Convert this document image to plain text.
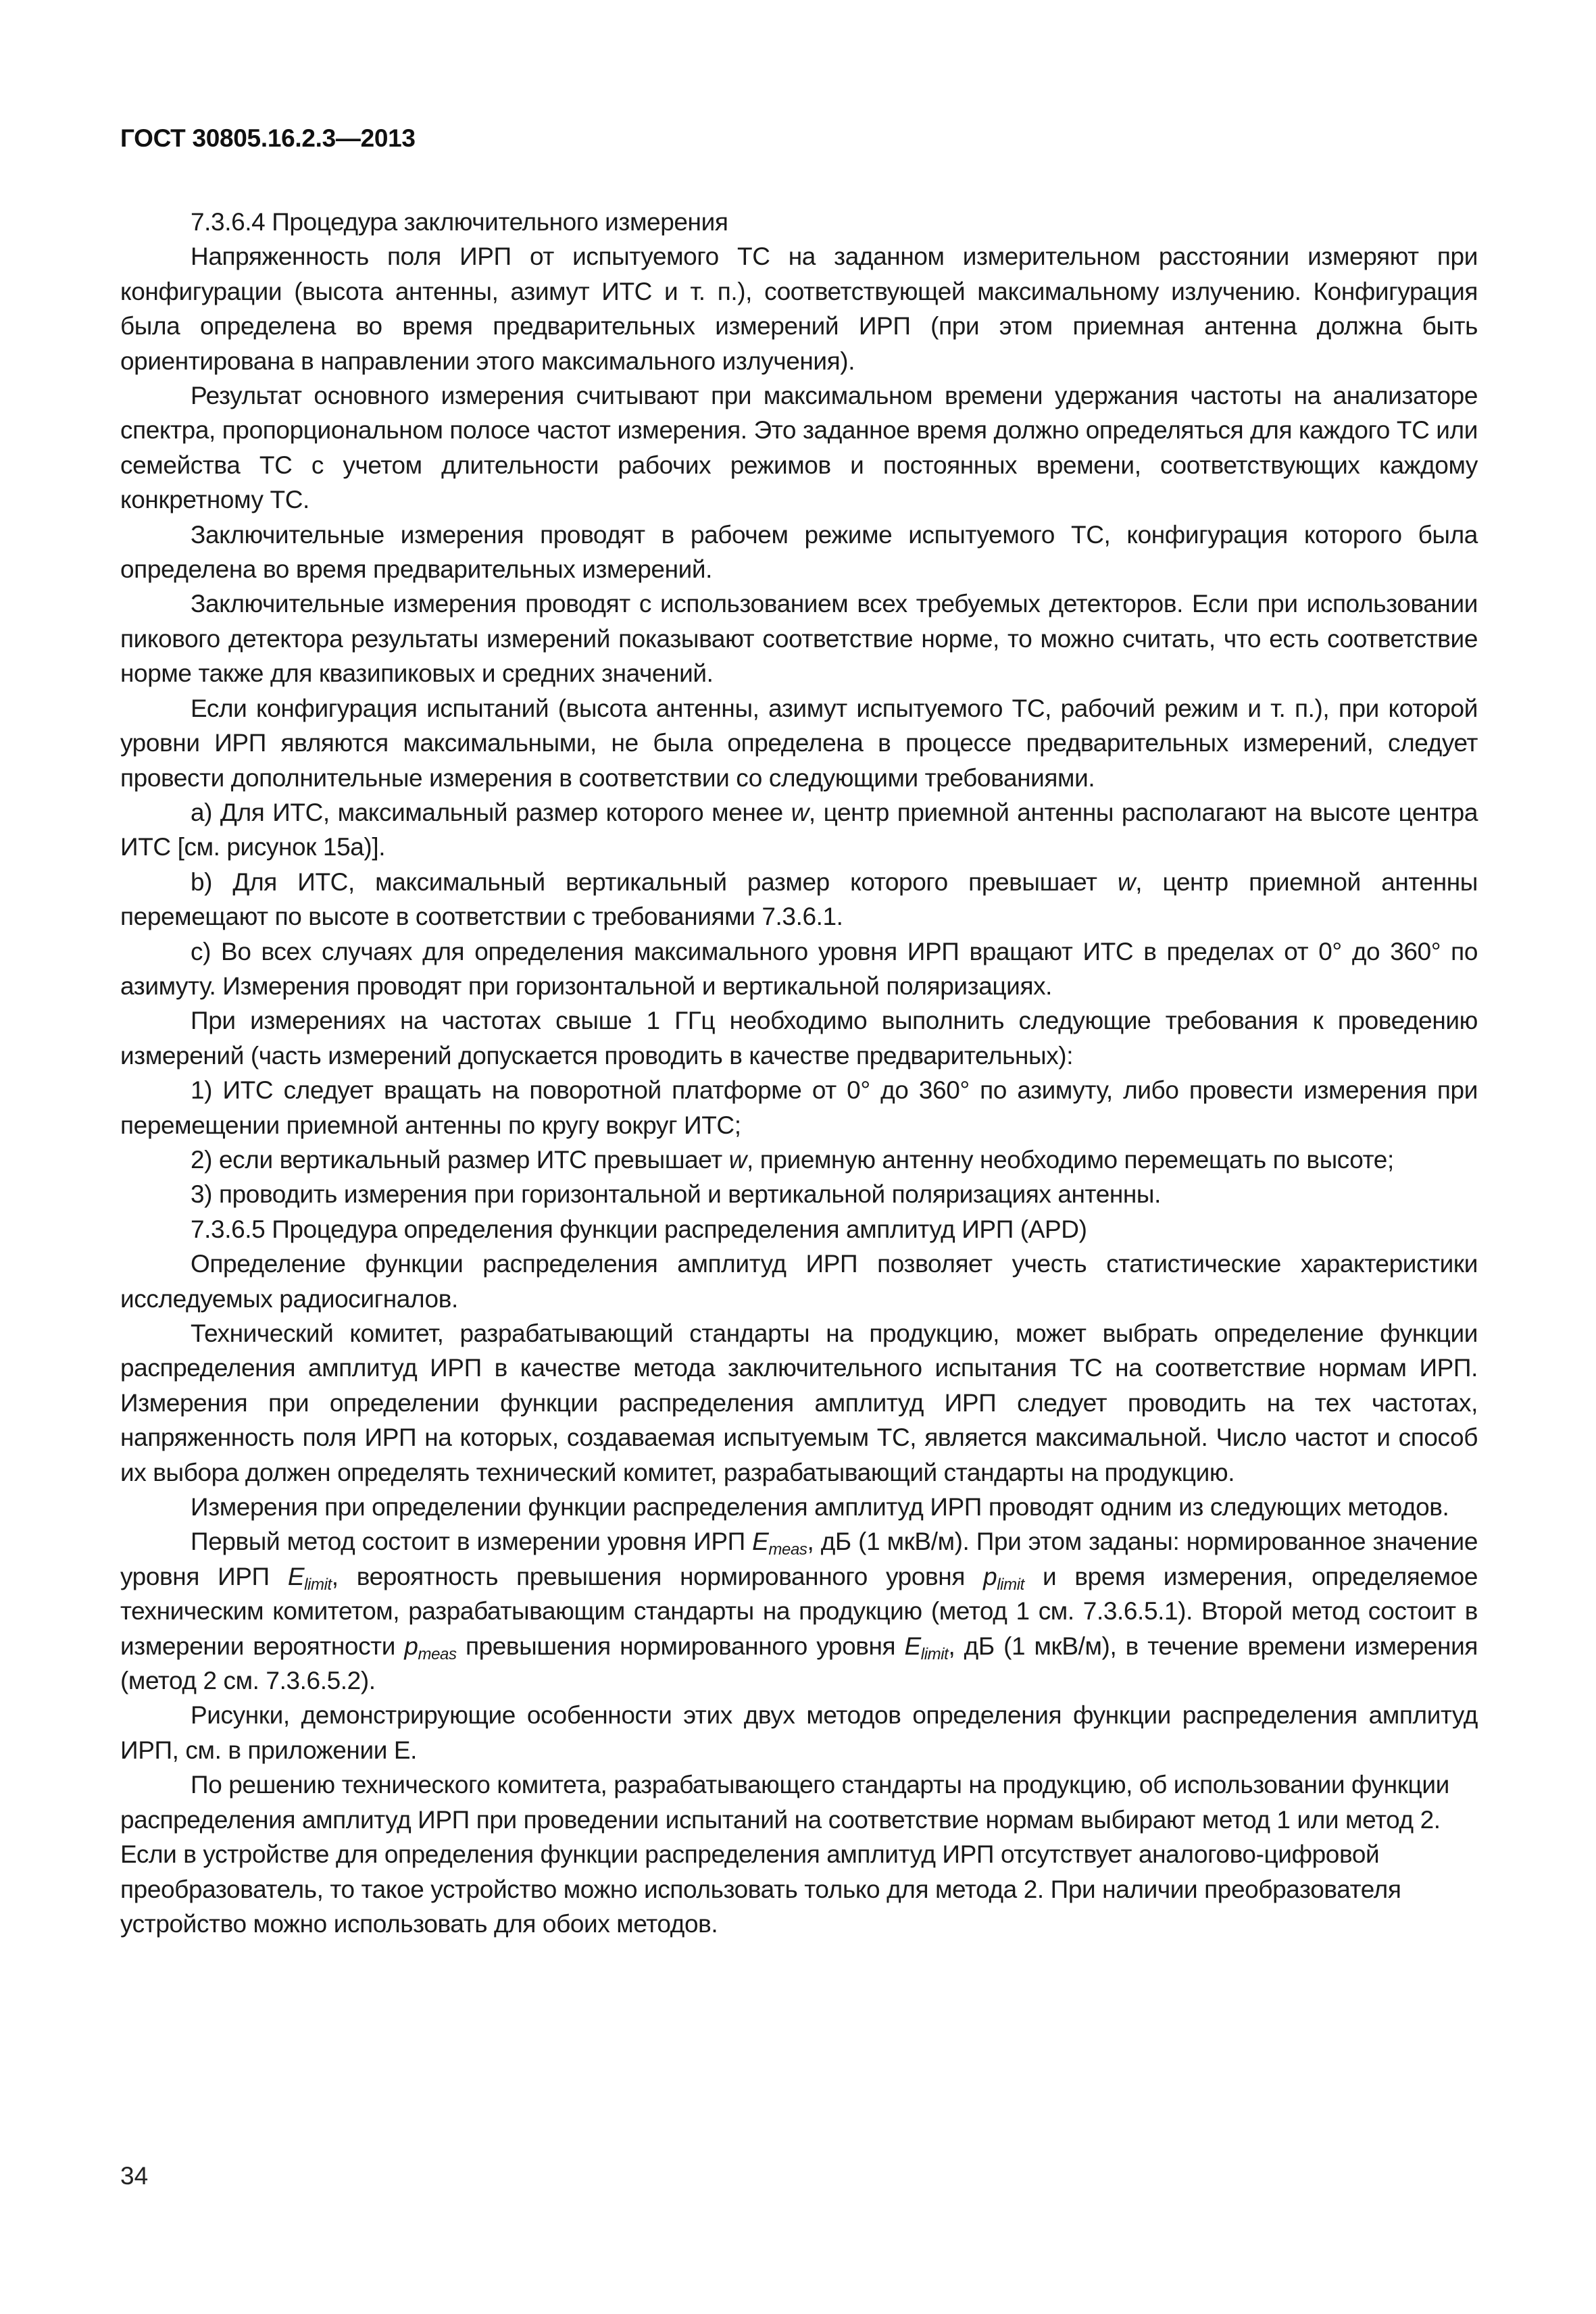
ГОСТ 30805.16.2.3—2013

7.3.6.4 Процедура заключительного измерения

Напряженность поля ИРП от испытуемого ТС на заданном измерительном расстоянии измеряют при конфигурации (высота антенны, азимут ИТС и т. п.), соответствующей максимальному излучению. Конфигурация была определена во время предварительных измерений ИРП (при этом приемная антенна должна быть ориентирована в направлении этого максимального излучения).

Результат основного измерения считывают при максимальном времени удержания частоты на анализаторе спектра, пропорциональном полосе частот измерения. Это заданное время должно определяться для каждого ТС или семейства ТС с учетом длительности рабочих режимов и постоянных времени, соответствующих каждому конкретному ТС.

Заключительные измерения проводят в рабочем режиме испытуемого ТС, конфигурация которого была определена во время предварительных измерений.

Заключительные измерения проводят с использованием всех требуемых детекторов. Если при использовании пикового детектора результаты измерений показывают соответствие норме, то можно считать, что есть соответствие норме также для квазипиковых и средних значений.

Если конфигурация испытаний (высота антенны, азимут испытуемого ТС, рабочий режим и т. п.), при которой уровни ИРП являются максимальными, не была определена в процессе предварительных измерений, следует провести дополнительные измерения в соответствии со следующими требованиями.

а) Для ИТС, максимальный размер которого менее w, центр приемной антенны располагают на высоте центра ИТС [см. рисунок 15а)].

b) Для ИТС, максимальный вертикальный размер которого превышает w, центр приемной антенны перемещают по высоте в соответствии с требованиями 7.3.6.1.

с) Во всех случаях для определения максимального уровня ИРП вращают ИТС в пределах от 0° до 360° по азимуту. Измерения проводят при горизонтальной и вертикальной поляризациях.

При измерениях на частотах свыше 1 ГГц необходимо выполнить следующие требования к проведению измерений (часть измерений допускается проводить в качестве предварительных):

1) ИТС следует вращать на поворотной платформе от 0° до 360° по азимуту, либо провести измерения при перемещении приемной антенны по кругу вокруг ИТС;

2) если вертикальный размер ИТС превышает w, приемную антенну необходимо перемещать по высоте;

3) проводить измерения при горизонтальной и вертикальной поляризациях антенны.

7.3.6.5 Процедура определения функции распределения амплитуд ИРП (APD)

Определение функции распределения амплитуд ИРП позволяет учесть статистические характеристики исследуемых радиосигналов.

Технический комитет, разрабатывающий стандарты на продукцию, может выбрать определение функции распределения амплитуд ИРП в качестве метода заключительного испытания ТС на соответствие нормам ИРП. Измерения при определении функции распределения амплитуд ИРП следует проводить на тех частотах, напряженность поля ИРП на которых, создаваемая испытуемым ТС, является максимальной. Число частот и способ их выбора должен определять технический комитет, разрабатывающий стандарты на продукцию.

Измерения при определении функции распределения амплитуд ИРП проводят одним из следующих методов.

Первый метод состоит в измерении уровня ИРП $E_{meas}$, дБ (1 мкВ/м). При этом заданы: нормированное значение уровня ИРП $E_{limit}$, вероятность превышения нормированного уровня $p_{limit}$ и время измерения, определяемое техническим комитетом, разрабатывающим стандарты на продукцию (метод 1 см. 7.3.6.5.1). Второй метод состоит в измерении вероятности $p_{meas}$ превышения нормированного уровня $E_{limit}$, дБ (1 мкВ/м), в течение времени измерения (метод 2 см. 7.3.6.5.2).

Рисунки, демонстрирующие особенности этих двух методов определения функции распределения амплитуд ИРП, см. в приложении Е.

По решению технического комитета, разрабатывающего стандарты на продукцию, об использовании функции распределения амплитуд ИРП при проведении испытаний на соответствие нормам выбирают метод 1 или метод 2. Если в устройстве для определения функции распределения амплитуд ИРП отсутствует аналогово-цифровой преобразователь, то такое устройство можно использовать только для метода 2. При наличии преобразователя устройство можно использовать для обоих методов.

34
